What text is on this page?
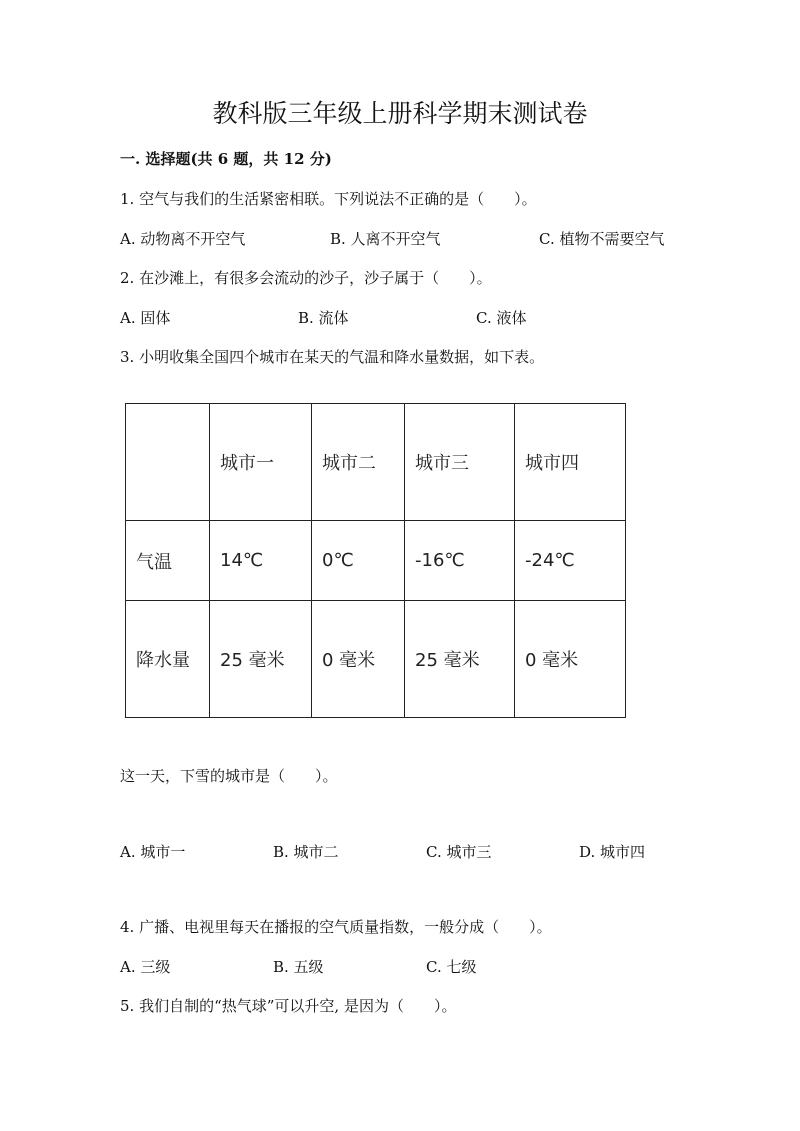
教科版三年级上册科学期末测试卷
一. 选择题(共 6 题，共 12 分)
1. 空气与我们的生活紧密相联。下列说法不正确的是（　　）。
A. 动物离不开空气	B. 人离不开空气	C. 植物不需要空气
2. 在沙滩上，有很多会流动的沙子，沙子属于（　　）。
A. 固体	B. 流体	C. 液体
3. 小明收集全国四个城市在某天的气温和降水量数据，如下表。
	城市一	城市二	城市三	城市四
气温	14℃	0℃	-16℃	-24℃
降水量	25 毫米	0 毫米	25 毫米	0 毫米
这一天，下雪的城市是（　　）。
A. 城市一	B. 城市二	C. 城市三	D. 城市四
4. 广播、电视里每天在播报的空气质量指数，一般分成（　　）。
A. 三级	B. 五级	C. 七级
5. 我们自制的“热气球”可以升空, 是因为（　　）。
